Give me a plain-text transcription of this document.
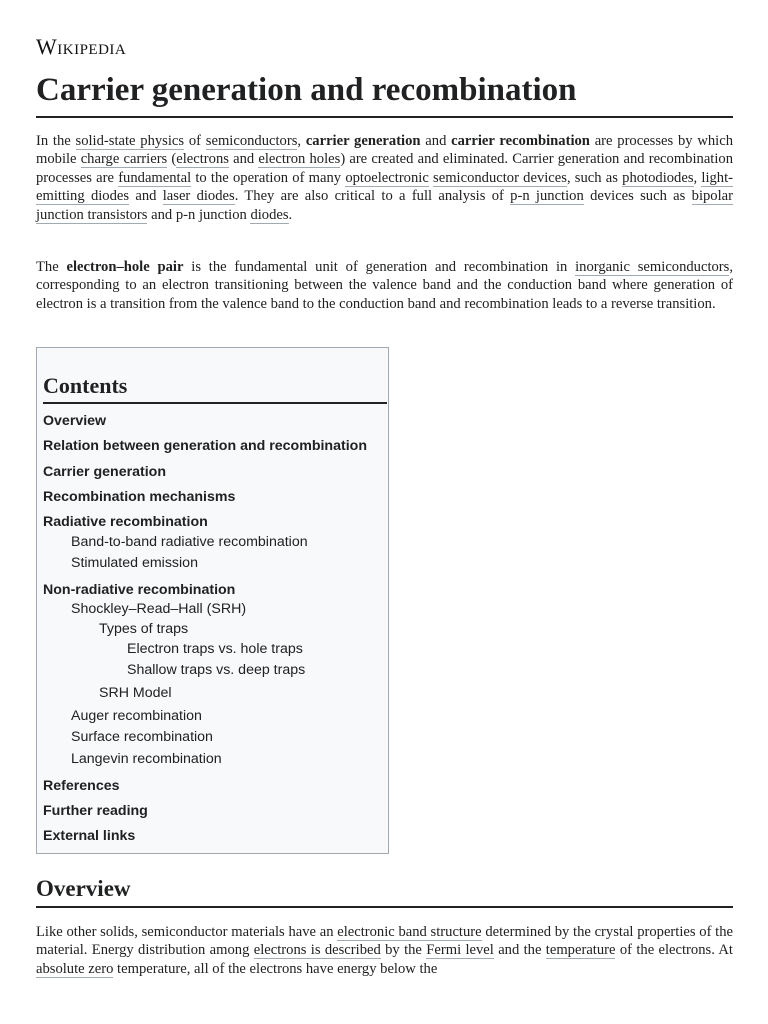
Wikipedia
Carrier generation and recombination

In the solid-state physics of semiconductors, carrier generation and carrier recombination are processes by which mobile charge carriers (electrons and electron holes) are created and eliminated. Carrier generation and recombination processes are fundamental to the operation of many optoelectronic semiconductor devices, such as photodiodes, light-emitting diodes and laser diodes. They are also critical to a full analysis of p-n junction devices such as bipolar junction transistors and p-n junction diodes.

The electron–hole pair is the fundamental unit of generation and recombination in inorganic semiconductors, corresponding to an electron transitioning between the valence band and the conduction band where generation of electron is a transition from the valence band to the conduction band and recombination leads to a reverse transition.

Contents
Overview
Relation between generation and recombination
Carrier generation
Recombination mechanisms
Radiative recombination
Band-to-band radiative recombination
Stimulated emission
Non-radiative recombination
Shockley–Read–Hall (SRH)
Types of traps
Electron traps vs. hole traps
Shallow traps vs. deep traps
SRH Model
Auger recombination
Surface recombination
Langevin recombination
References
Further reading
External links
Overview

Like other solids, semiconductor materials have an electronic band structure determined by the crystal properties of the material. Energy distribution among electrons is described by the Fermi level and the temperature of the electrons. At absolute zero temperature, all of the electrons have energy below the
